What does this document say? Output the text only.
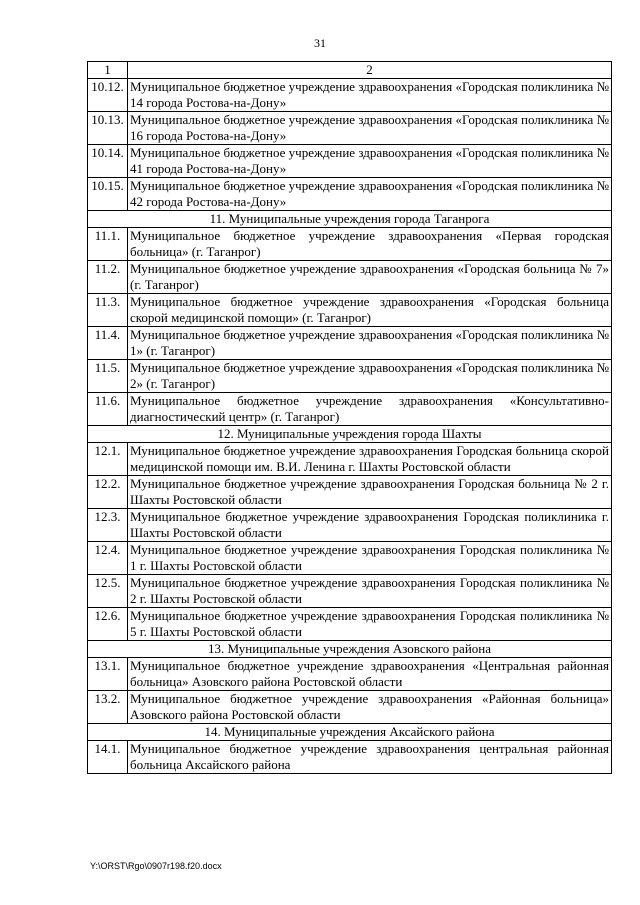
31
1	2
10.12.	Муниципальное бюджетное учреждение здравоохранения «Городская поликлиника № 14 города Ростова-на-Дону»
10.13.	Муниципальное бюджетное учреждение здравоохранения «Городская поликлиника № 16 города Ростова-на-Дону»
10.14.	Муниципальное бюджетное учреждение здравоохранения «Городская поликлиника № 41 города Ростова-на-Дону»
10.15.	Муниципальное бюджетное учреждение здравоохранения «Городская поликлиника № 42 города Ростова-на-Дону»
11. Муниципальные учреждения города Таганрога	
11.1.	Муниципальное бюджетное учреждение здравоохранения «Первая городская больница» (г. Таганрог)
11.2.	Муниципальное бюджетное учреждение здравоохранения «Городская больница № 7» (г. Таганрог)
11.3.	Муниципальное бюджетное учреждение здравоохранения «Городская больница скорой медицинской помощи» (г. Таганрог)
11.4.	Муниципальное бюджетное учреждение здравоохранения «Городская поликлиника № 1» (г. Таганрог)
11.5.	Муниципальное бюджетное учреждение здравоохранения «Городская поликлиника № 2» (г. Таганрог)
11.6.	Муниципальное бюджетное учреждение здравоохранения «Консультативно-диагностический центр» (г. Таганрог)
12. Муниципальные учреждения города Шахты	
12.1.	Муниципальное бюджетное учреждение здравоохранения Городская больница скорой медицинской помощи им. В.И. Ленина г. Шахты Ростовской области
12.2.	Муниципальное бюджетное учреждение здравоохранения Городская больница № 2 г. Шахты Ростовской области
12.3.	Муниципальное бюджетное учреждение здравоохранения Городская поликлиника г. Шахты Ростовской области
12.4.	Муниципальное бюджетное учреждение здравоохранения Городская поликлиника № 1 г. Шахты Ростовской области
12.5.	Муниципальное бюджетное учреждение здравоохранения Городская поликлиника № 2 г. Шахты Ростовской области
12.6.	Муниципальное бюджетное учреждение здравоохранения Городская поликлиника № 5 г. Шахты Ростовской области
13. Муниципальные учреждения Азовского района	
13.1.	Муниципальное бюджетное учреждение здравоохранения «Центральная районная больница» Азовского района Ростовской области
13.2.	Муниципальное бюджетное учреждение здравоохранения «Районная больница» Азовского района Ростовской области
14. Муниципальные учреждения Аксайского района	
14.1.	Муниципальное бюджетное учреждение здравоохранения центральная районная больница Аксайского района
Y:\ORST\Rgo\0907r198.f20.docx
